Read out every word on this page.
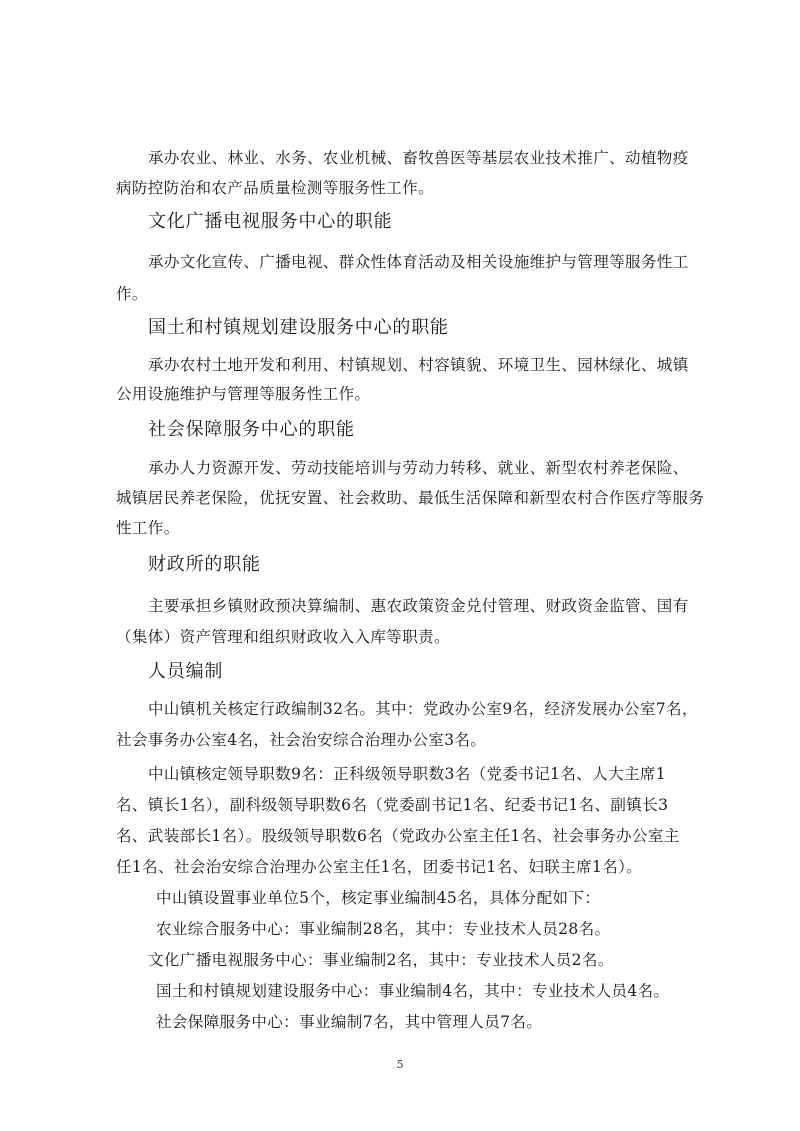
承办农业、林业、水务、农业机械、畜牧兽医等基层农业技术推广、动植物疫
病防控防治和农产品质量检测等服务性工作。
文化广播电视服务中心的职能
承办文化宣传、广播电视、群众性体育活动及相关设施维护与管理等服务性工
作。
国土和村镇规划建设服务中心的职能
承办农村土地开发和利用、村镇规划、村容镇貌、环境卫生、园林绿化、城镇
公用设施维护与管理等服务性工作。
社会保障服务中心的职能
承办人力资源开发、劳动技能培训与劳动力转移、就业、新型农村养老保险、
城镇居民养老保险，优抚安置、社会救助、最低生活保障和新型农村合作医疗等服务
性工作。
财政所的职能
主要承担乡镇财政预决算编制、惠农政策资金兑付管理、财政资金监管、国有
（集体）资产管理和组织财政收入入库等职责。
人员编制
中山镇机关核定行政编制32名。其中：党政办公室9名，经济发展办公室7名，
社会事务办公室4名，社会治安综合治理办公室3名。
中山镇核定领导职数9名：正科级领导职数3名（党委书记1名、人大主席1
名、镇长1名），副科级领导职数6名（党委副书记1名、纪委书记1名、副镇长3
名、武装部长1名）。股级领导职数6名（党政办公室主任1名、社会事务办公室主
任1名、社会治安综合治理办公室主任1名，团委书记1名、妇联主席1名）。
中山镇设置事业单位5个，核定事业编制45名，具体分配如下：
农业综合服务中心：事业编制28名，其中：专业技术人员28名。
文化广播电视服务中心：事业编制2名，其中：专业技术人员2名。
国土和村镇规划建设服务中心：事业编制4名，其中：专业技术人员4名。
社会保障服务中心：事业编制7名，其中管理人员7名。
5
